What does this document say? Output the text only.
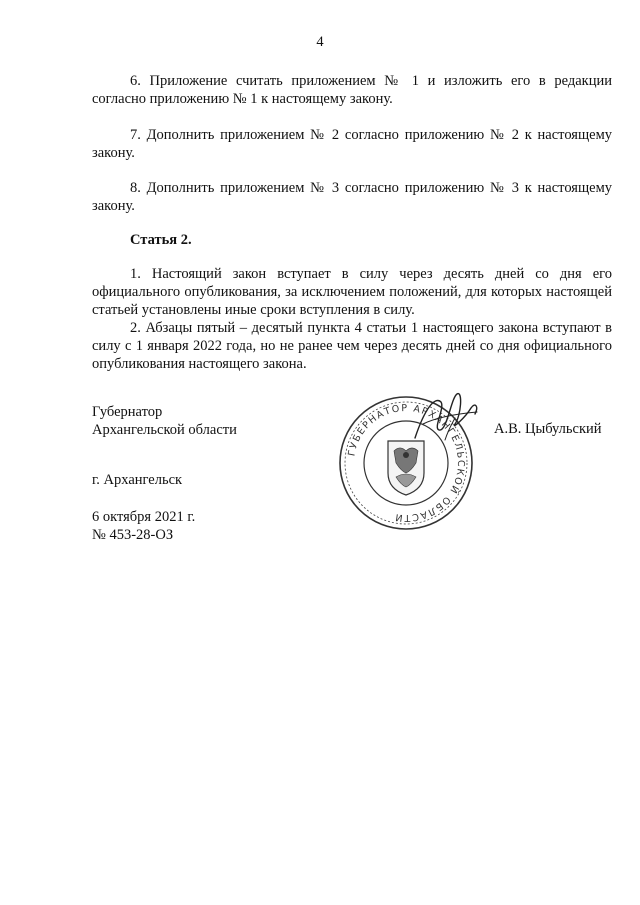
4

6. Приложение считать приложением № 1 и изложить его в редакции согласно приложению № 1 к настоящему закону.

7. Дополнить приложением № 2 согласно приложению № 2 к настоящему закону.

8. Дополнить приложением № 3 согласно приложению № 3 к настоящему закону.

Статья 2.

1. Настоящий закон вступает в силу через десять дней со дня его официального опубликования, за исключением положений, для которых настоящей статьей установлены иные сроки вступления в силу.

2. Абзацы пятый – десятый пункта 4 статьи 1 настоящего закона вступают в силу с 1 января 2022 года, но не ранее чем через десять дней со дня официального опубликования настоящего закона.

Губернатор
Архангельской области
ГУБЕРНАТОР АРХАНГЕЛЬСКОЙ ОБЛАСТИ
А.В. Цыбульский
г. Архангельск
6 октября 2021 г.
№ 453-28-ОЗ
